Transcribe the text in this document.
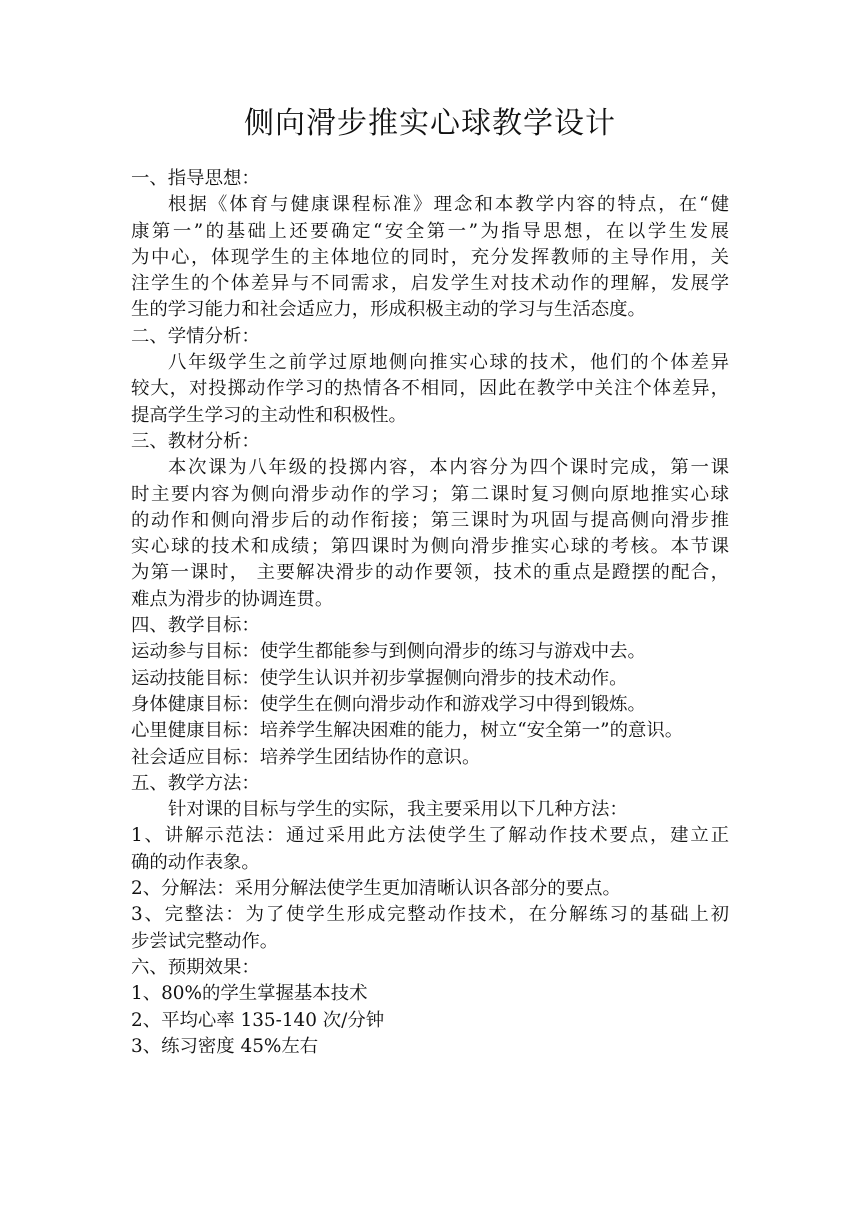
侧向滑步推实心球教学设计
一、指导思想：
根据《体育与健康课程标准》理念和本教学内容的特点，在“健
康第一”的基础上还要确定“安全第一”为指导思想，在以学生发展
为中心，体现学生的主体地位的同时，充分发挥教师的主导作用，关
注学生的个体差异与不同需求，启发学生对技术动作的理解，发展学
生的学习能力和社会适应力，形成积极主动的学习与生活态度。
二、学情分析：
八年级学生之前学过原地侧向推实心球的技术，他们的个体差异
较大，对投掷动作学习的热情各不相同，因此在教学中关注个体差异，
提高学生学习的主动性和积极性。
三、教材分析：
本次课为八年级的投掷内容，本内容分为四个课时完成，第一课
时主要内容为侧向滑步动作的学习；第二课时复习侧向原地推实心球
的动作和侧向滑步后的动作衔接；第三课时为巩固与提高侧向滑步推
实心球的技术和成绩；第四课时为侧向滑步推实心球的考核。本节课
为第一课时， 主要解决滑步的动作要领，技术的重点是蹬摆的配合，
难点为滑步的协调连贯。
四、教学目标：
运动参与目标：使学生都能参与到侧向滑步的练习与游戏中去。
运动技能目标：使学生认识并初步掌握侧向滑步的技术动作。
身体健康目标：使学生在侧向滑步动作和游戏学习中得到锻炼。
心里健康目标：培养学生解决困难的能力，树立“安全第一”的意识。
社会适应目标：培养学生团结协作的意识。
五、教学方法：
针对课的目标与学生的实际，我主要采用以下几种方法：
1、讲解示范法：通过采用此方法使学生了解动作技术要点，建立正
确的动作表象。
2、分解法：采用分解法使学生更加清晰认识各部分的要点。
3、完整法：为了使学生形成完整动作技术，在分解练习的基础上初
步尝试完整动作。
六、预期效果：
1、80%的学生掌握基本技术
2、平均心率 135-140 次/分钟
3、练习密度 45%左右
